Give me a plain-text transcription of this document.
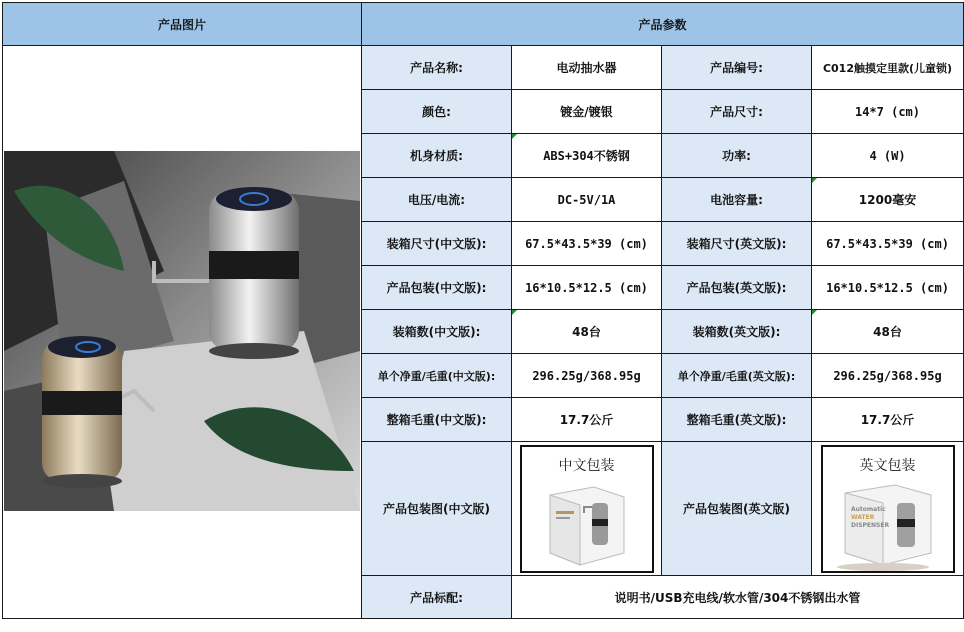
产品图片	产品参数			
	产品名称:	电动抽水器	产品编号:	C012触摸定里款(儿童锁)
	颜色:	镀金/镀银	产品尺寸:	14*7 (cm)
	机身材质:	ABS+304不锈钢	功率:	4 (W)
	电压/电流:	DC-5V/1A	电池容量:	1200毫安
	装箱尺寸(中文版):	67.5*43.5*39 (cm)	装箱尺寸(英文版):	67.5*43.5*39 (cm)
	产品包装(中文版):	16*10.5*12.5 (cm)	产品包装(英文版):	16*10.5*12.5 (cm)
	装箱数(中文版):	48台	装箱数(英文版):	48台
	单个净重/毛重(中文版):	296.25g/368.95g	单个净重/毛重(英文版):	296.25g/368.95g
	整箱毛重(中文版):	17.7公斤	整箱毛重(英文版):	17.7公斤
	产品包装图(中文版)	中文包装	产品包装图(英文版)	英文包装
Automatic
WATER
DISPENSER

	产品标配:	说明书/USB充电线/软水管/304不锈钢出水管		
